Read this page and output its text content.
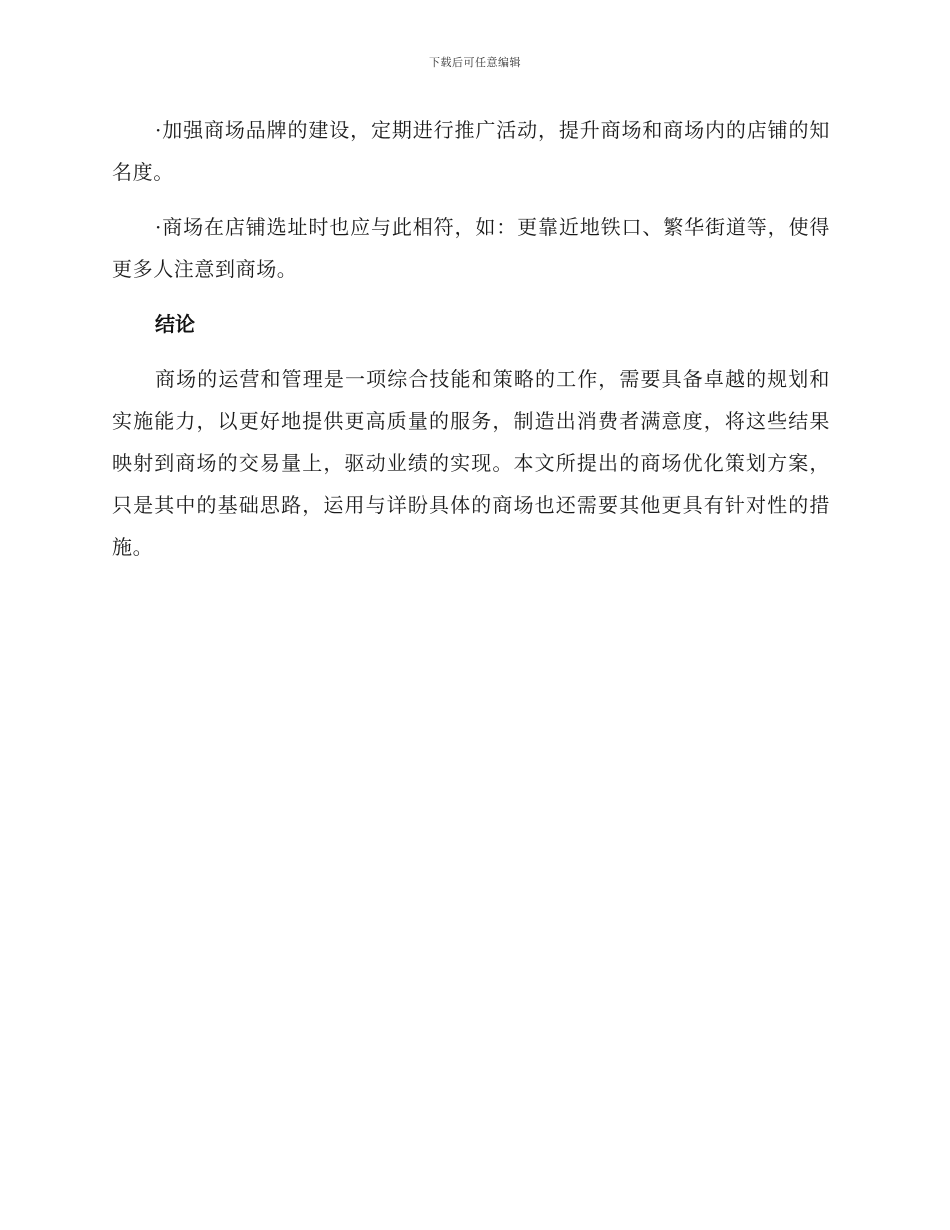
下载后可任意编辑

·加强商场品牌的建设，定期进行推广活动，提升商场和商场内的店铺的知名度。

·商场在店铺选址时也应与此相符，如：更靠近地铁口、繁华街道等，使得更多人注意到商场。

结论

商场的运营和管理是一项综合技能和策略的工作，需要具备卓越的规划和实施能力，以更好地提供更高质量的服务，制造出消费者满意度，将这些结果映射到商场的交易量上，驱动业绩的实现。本文所提出的商场优化策划方案，只是其中的基础思路，运用与详盼具体的商场也还需要其他更具有针对性的措施。
